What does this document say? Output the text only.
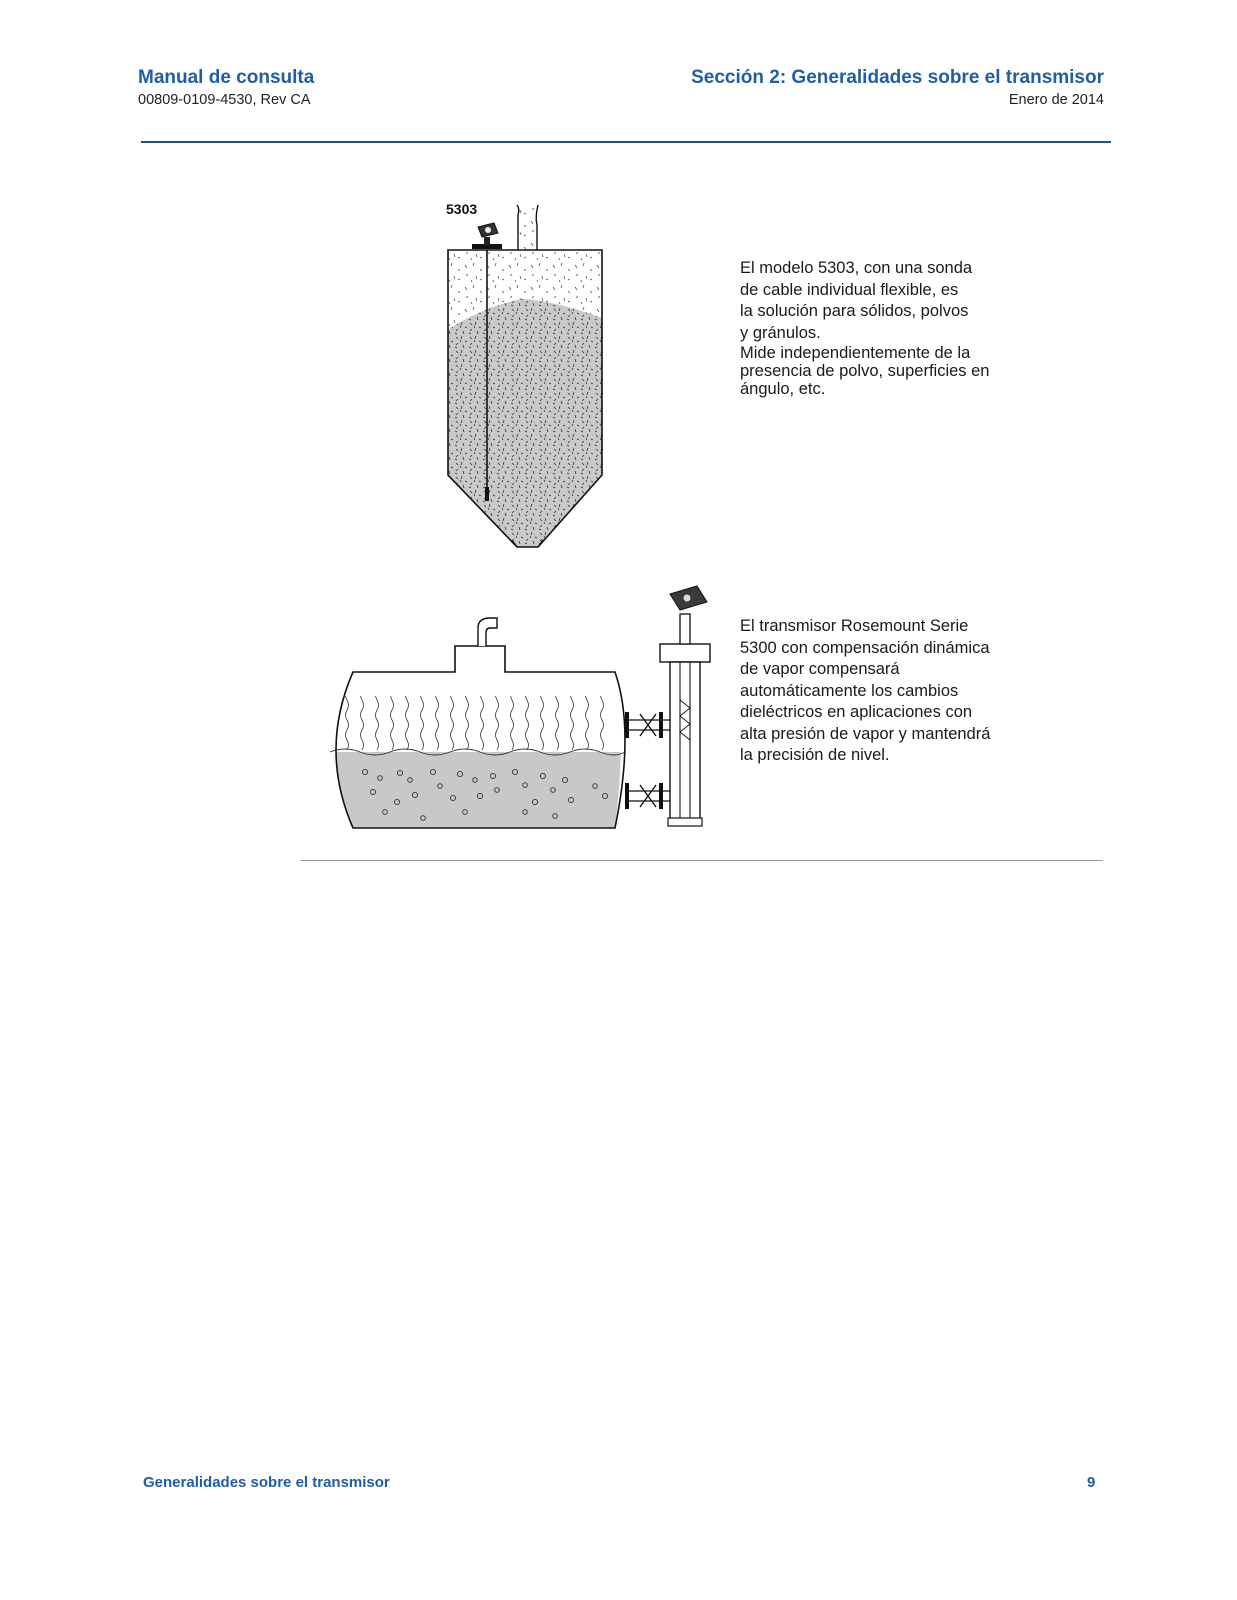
Manual de consulta
00809-0109-4530, Rev CA
Sección 2: Generalidades sobre el transmisor
Enero de 2014
5303

El modelo 5303, con una sonda

de cable individual flexible, es

la solución para sólidos, polvos

y gránulos.

Mide independientemente de la

presencia de polvo, superficies en

ángulo, etc.

El transmisor Rosemount Serie

5300 con compensación dinámica

de vapor compensará

automáticamente los cambios

dieléctricos en aplicaciones con

alta presión de vapor y mantendrá

la precisión de nivel.

Generalidades sobre el transmisor	9
